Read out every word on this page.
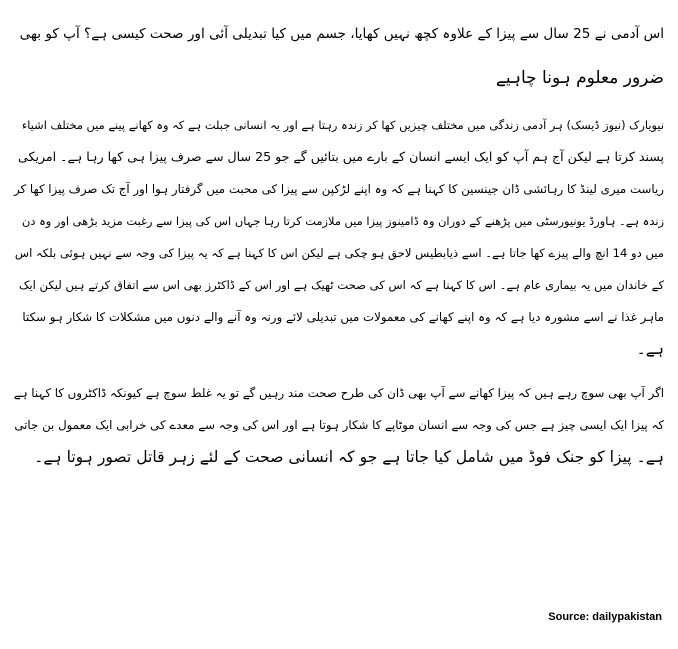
اس آدمی نے 25 سال سے پیزا کے علاوہ کچھ نہیں کھایا، جسم میں کیا تبدیلی آئی اور صحت کیسی ہے؟ آپ کو بھی
ضرور معلوم ہونا چاہیے
نیویارک (نیوز ڈیسک) ہر آدمی زندگی میں مختلف چیزیں کھا کر زندہ رہتا ہے اور یہ انسانی جبلت ہے کہ وہ کھانے پینے میں مختلف اشیاء
پسند کرتا ہے لیکن آج ہم آپ کو ایک ایسے انسان کے بارے میں بتائیں گے جو 25 سال سے صرف پیزا ہی کھا رہا ہے۔ امریکی
ریاست میری لینڈ کا رہائشی ڈان جینسین کا کہنا ہے کہ وہ اپنے لڑکپن سے پیزا کی محبت میں گرفتار ہوا اور آج تک صرف پیزا کھا کر
زندہ ہے۔ ہاورڈ یونیورسٹی میں پڑھنے کے دوران وہ ڈامینوز پیزا میں ملازمت کرتا رہا جہاں اس کی پیزا سے رغبت مزید بڑھی اور وہ دن
میں دو 14 انچ والے پیزے کھا جاتا ہے۔ اسے ذیابطیس لاحق ہو چکی ہے لیکن اس کا کہنا ہے کہ یہ پیزا کی وجہ سے نہیں ہوئی بلکہ اس
کے خاندان میں یہ بیماری عام ہے۔ اس کا کہنا ہے کہ اس کی صحت ٹھیک ہے اور اس کے ڈاکٹرز بھی اس سے اتفاق کرتے ہیں لیکن ایک
ماہر غذا نے اسے مشورہ دیا ہے کہ وہ اپنے کھانے کی معمولات میں تبدیلی لائے ورنہ وہ آنے والے دنوں میں مشکلات کا شکار ہو سکتا
ہے۔
اگر آپ بھی سوچ رہے ہیں کہ پیزا کھانے سے آپ بھی ڈان کی طرح صحت مند رہیں گے تو یہ غلط سوچ ہے کیونکہ ڈاکٹروں کا کہنا ہے
کہ پیزا ایک ایسی چیز ہے جس کی وجہ سے انسان موٹاپے کا شکار ہوتا ہے اور اس کی وجہ سے معدے کی خرابی ایک معمول بن جاتی
ہے۔ پیزا کو جنک فوڈ میں شامل کیا جاتا ہے جو کہ انسانی صحت کے لئے زہر قاتل تصور ہوتا ہے۔
Source: dailypakistan
